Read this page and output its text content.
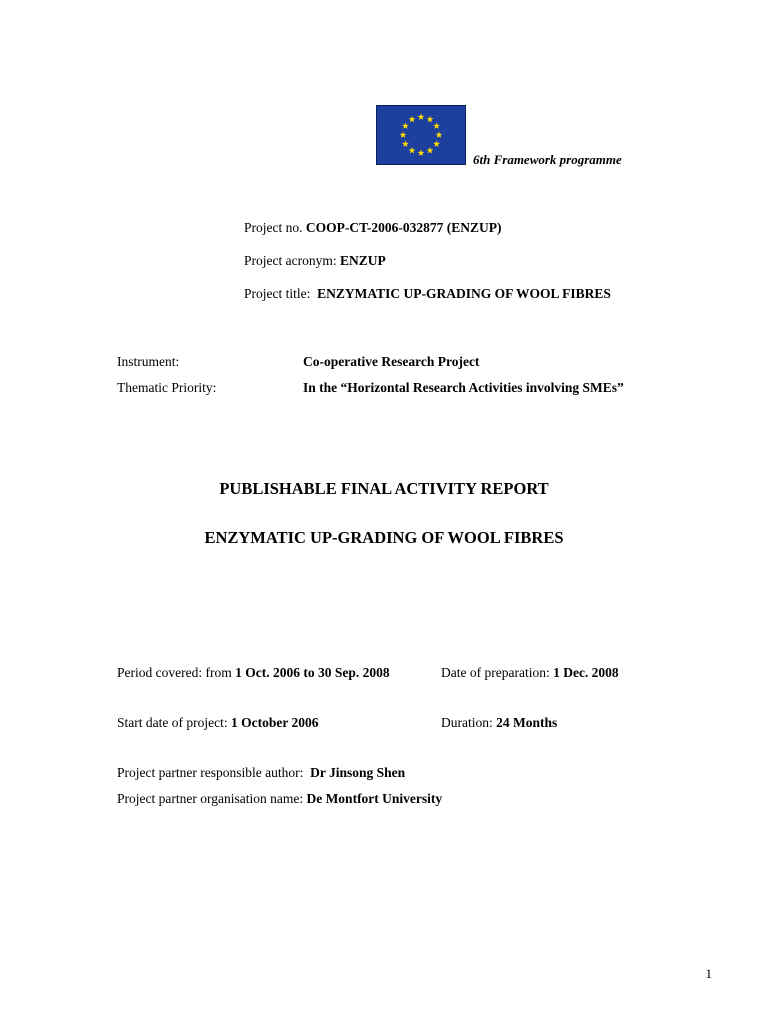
6th Framework programme
Project no. COOP-CT-2006-032877 (ENZUP)
Project acronym: ENZUP
Project title: ENZYMATIC UP-GRADING OF WOOL FIBRES
Instrument:	Co-operative Research Project
Thematic Priority:	In the “Horizontal Research Activities involving SMEs”
PUBLISHABLE FINAL ACTIVITY REPORT
ENZYMATIC UP-GRADING OF WOOL FIBRES
Period covered: from 1 Oct. 2006 to 30 Sep. 2008	Date of preparation: 1 Dec. 2008
Start date of project: 1 October 2006	Duration: 24 Months
Project partner responsible author: Dr Jinsong Shen
Project partner organisation name: De Montfort University
1
